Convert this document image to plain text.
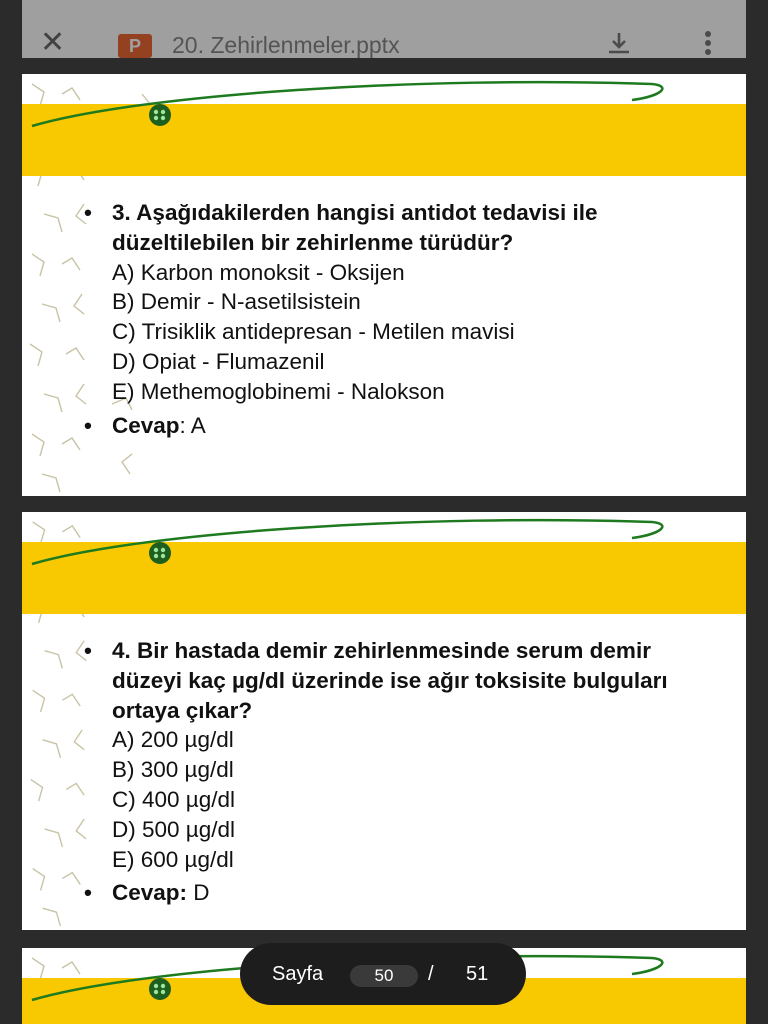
✕	P	20. Zehirlenmeler.pptx
• 3. Aşağıdakilerden hangisi antidot tedavisi ile düzeltilebilen bir zehirlenme türüdür?
A) Karbon monoksit - Oksijen
B) Demir - N-asetilsistein
C) Trisiklik antidepresan - Metilen mavisi
D) Opiat - Flumazenil
E) Methemoglobinemi - Nalokson
• Cevap: A
• 4. Bir hastada demir zehirlenmesinde serum demir düzeyi kaç µg/dl üzerinde ise ağır toksisite bulguları ortaya çıkar?
A) 200 µg/dl
B) 300 µg/dl
C) 400 µg/dl
D) 500 µg/dl
E) 600 µg/dl
• Cevap: D
Sayfa	50	/ 51
